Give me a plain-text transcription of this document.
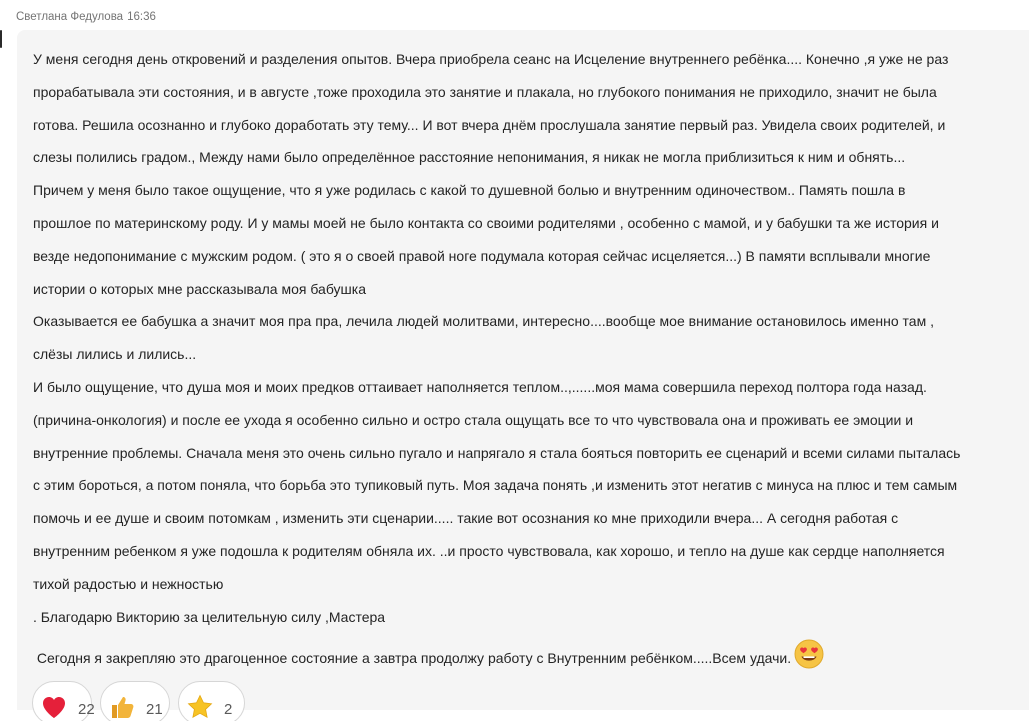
Светлана Федулова 16:36

У меня сегодня день откровений и разделения опытов. Вчера приобрела сеанс на Исцеление внутреннего ребёнка.... Конечно ,я уже не раз

прорабатывала эти состояния, и в августе ,тоже проходила это занятие и плакала, но глубокого понимания не приходило, значит не была

готова. Решила осознанно и глубоко доработать эту тему... И вот вчера днём прослушала занятие первый раз. Увидела своих родителей, и

слезы полились градом., Между нами было определённое расстояние непонимания, я никак не могла приблизиться к ним и обнять...

Причем у меня было такое ощущение, что я уже родилась с какой то душевной болью и внутренним одиночеством.. Память пошла в

прошлое по материнскому роду. И у мамы моей не было контакта со своими родителями , особенно с мамой, и у бабушки та же история и

везде недопонимание с мужским родом. ( это я о своей правой ноге подумала которая сейчас исцеляется...) В памяти всплывали многие

истории о которых мне рассказывала моя бабушка

Оказывается ее бабушка а значит моя пра пра, лечила людей молитвами, интересно....вообще мое внимание остановилось именно там ,

слёзы лились и лились...

И было ощущение, что душа моя и моих предков оттаивает наполняется теплом..,......моя мама совершила переход полтора года назад.

(причина-онкология) и после ее ухода я особенно сильно и остро стала ощущать все то что чувствовала она и проживать ее эмоции и

внутренние проблемы. Сначала меня это очень сильно пугало и напрягало я стала бояться повторить ее сценарий и всеми силами пыталась

с этим бороться, а потом поняла, что борьба это тупиковый путь. Моя задача понять ,и изменить этот негатив с минуса на плюс и тем самым

помочь и ее душе и своим потомкам , изменить эти сценарии..... такие вот осознания ко мне приходили вчера... А сегодня работая с

внутренним ребенком я уже подошла к родителям обняла их. ..и просто чувствовала, как хорошо, и тепло на душе как сердце наполняется

тихой радостью и нежностью

. Благодарю Викторию за целительную силу ,Мастера

Сегодня я закрепляю это драгоценное состояние а завтра продолжу работу с Внутренним ребёнком.....Всем удачи.

22	21	2
